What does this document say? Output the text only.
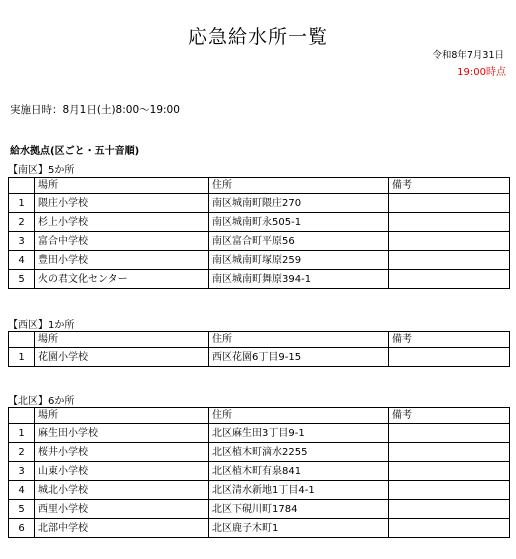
応急給水所一覧
令和8年7月31日
19:00時点
実施日時：8月1日(土)8:00～19:00
給水拠点(区ごと・五十音順)
【南区】5か所
	場所	住所	備考
1	隈庄小学校	南区城南町隈庄270	
2	杉上小学校	南区城南町永505-1	
3	富合中学校	南区富合町平原56	
4	豊田小学校	南区城南町塚原259	
5	火の君文化センター	南区城南町舞原394-1	
【西区】1か所
	場所	住所	備考
1	花園小学校	西区花園6丁目9-15	
【北区】6か所
	場所	住所	備考
1	麻生田小学校	北区麻生田3丁目9-1	
2	桜井小学校	北区植木町滴水2255	
3	山東小学校	北区植木町有泉841	
4	城北小学校	北区清水新地1丁目4-1	
5	西里小学校	北区下硯川町1784	
6	北部中学校	北区鹿子木町1	
